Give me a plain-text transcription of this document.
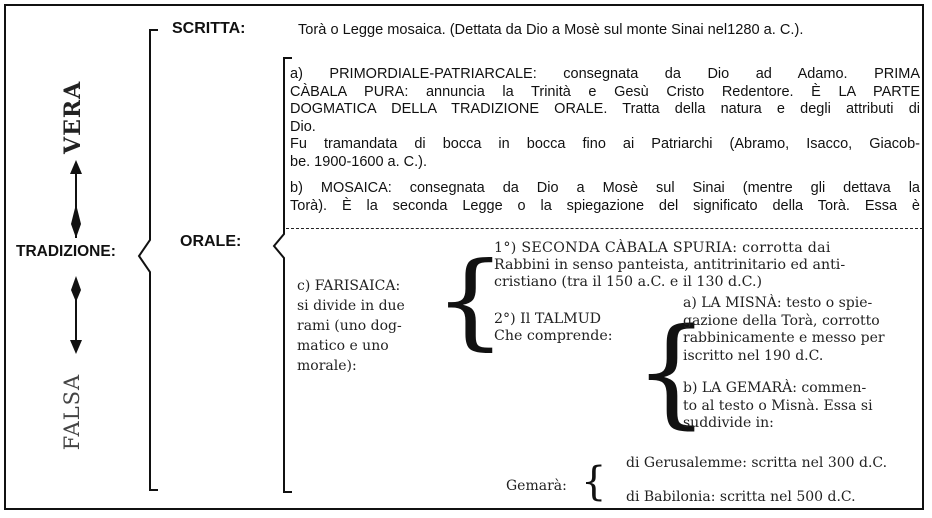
VERA
TRADIZIONE:
FALSA
SCRITTA:	Torà o Legge mosaica. (Dettata da Dio a Mosè sul monte Sinai nel1280 a. C.).
ORALE:
a) PRIMORDIALE-PATRIARCALE: consegnata da Dio ad Adamo. PRIMA
CÀBALA PURA: annuncia la Trinità e Gesù Cristo Redentore. È LA PARTE
DOGMATICA DELLA TRADIZIONE ORALE. Tratta della natura e degli attributi di
Dio.
Fu tramandata di bocca in bocca fino ai Patriarchi (Abramo, Isacco, Giacob-
be. 1900-1600 a. C.).
b) MOSAICA: consegnata da Dio a Mosè sul Sinai (mentre gli dettava la
Torà). È la seconda Legge o la spiegazione del significato della Torà. Essa è
c) FARISAICA:
si divide in due
rami (uno dog-
matico e uno
morale):
{
1°) SECONDA CÀBALA SPURIA: corrotta dai
Rabbini in senso panteista, antitrinitario ed anti-
cristiano (tra il 150 a.C. e il 130 d.C.)
2°) Il TALMUD
Che comprende: {
a) LA MISNÀ: testo o spie-
gazione della Torà, corrotto
rabbinicamente e messo per
iscritto nel 190 d.C.
b) LA GEMARÀ: commen-
to al testo o Misnà. Essa si
suddivide in:
Gemarà: { di Gerusalemme: scritta nel 300 d.C.
di Babilonia: scritta nel 500 d.C.
